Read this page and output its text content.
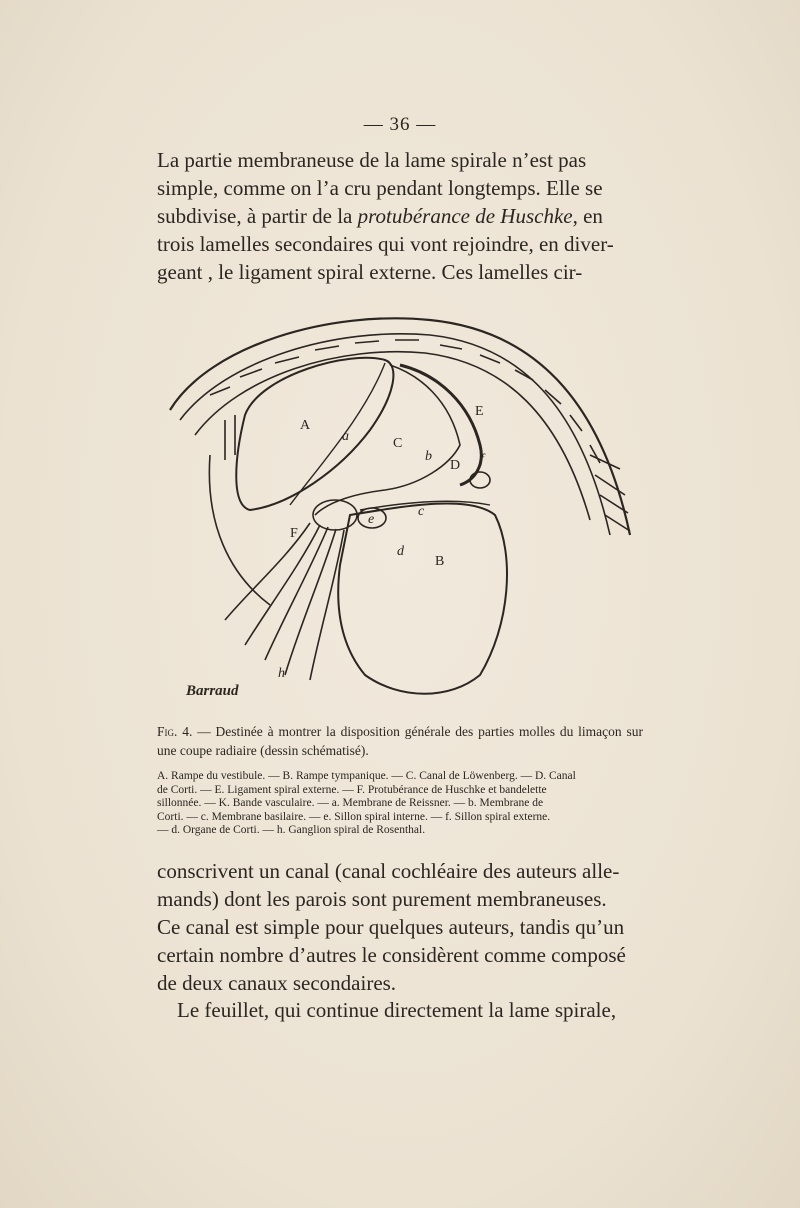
— 36 —
La partie membraneuse de la lame spirale n’est pas
simple, comme on l’a cru pendant longtemps. Elle se
subdivise, à partir de la protubérance de Huschke, en
trois lamelles secondaires qui vont rejoindre, en diver-
geant , le ligament spiral externe. Ces lamelles cir-
A
B
C
D
E
F
a
b
c
d
e
f
h
Barraud
Fig. 4. — Destinée à montrer la disposition générale des parties molles du limaçon sur une coupe radiaire (dessin schématisé).
A. Rampe du vestibule. — B. Rampe tympanique. — C. Canal de Löwenberg. — D. Canal
de Corti. — E. Ligament spiral externe. — F. Protubérance de Huschke et bandelette
sillonnée. — K. Bande vasculaire. — a. Membrane de Reissner. — b. Membrane de
Corti. — c. Membrane basilaire. — e. Sillon spiral interne. — f. Sillon spiral externe.
— d. Organe de Corti. — h. Ganglion spiral de Rosenthal.
conscrivent un canal (canal cochléaire des auteurs alle-
mands) dont les parois sont purement membraneuses.
Ce canal est simple pour quelques auteurs, tandis qu’un
certain nombre d’autres le considèrent comme composé
de deux canaux secondaires.
Le feuillet, qui continue directement la lame spirale,
